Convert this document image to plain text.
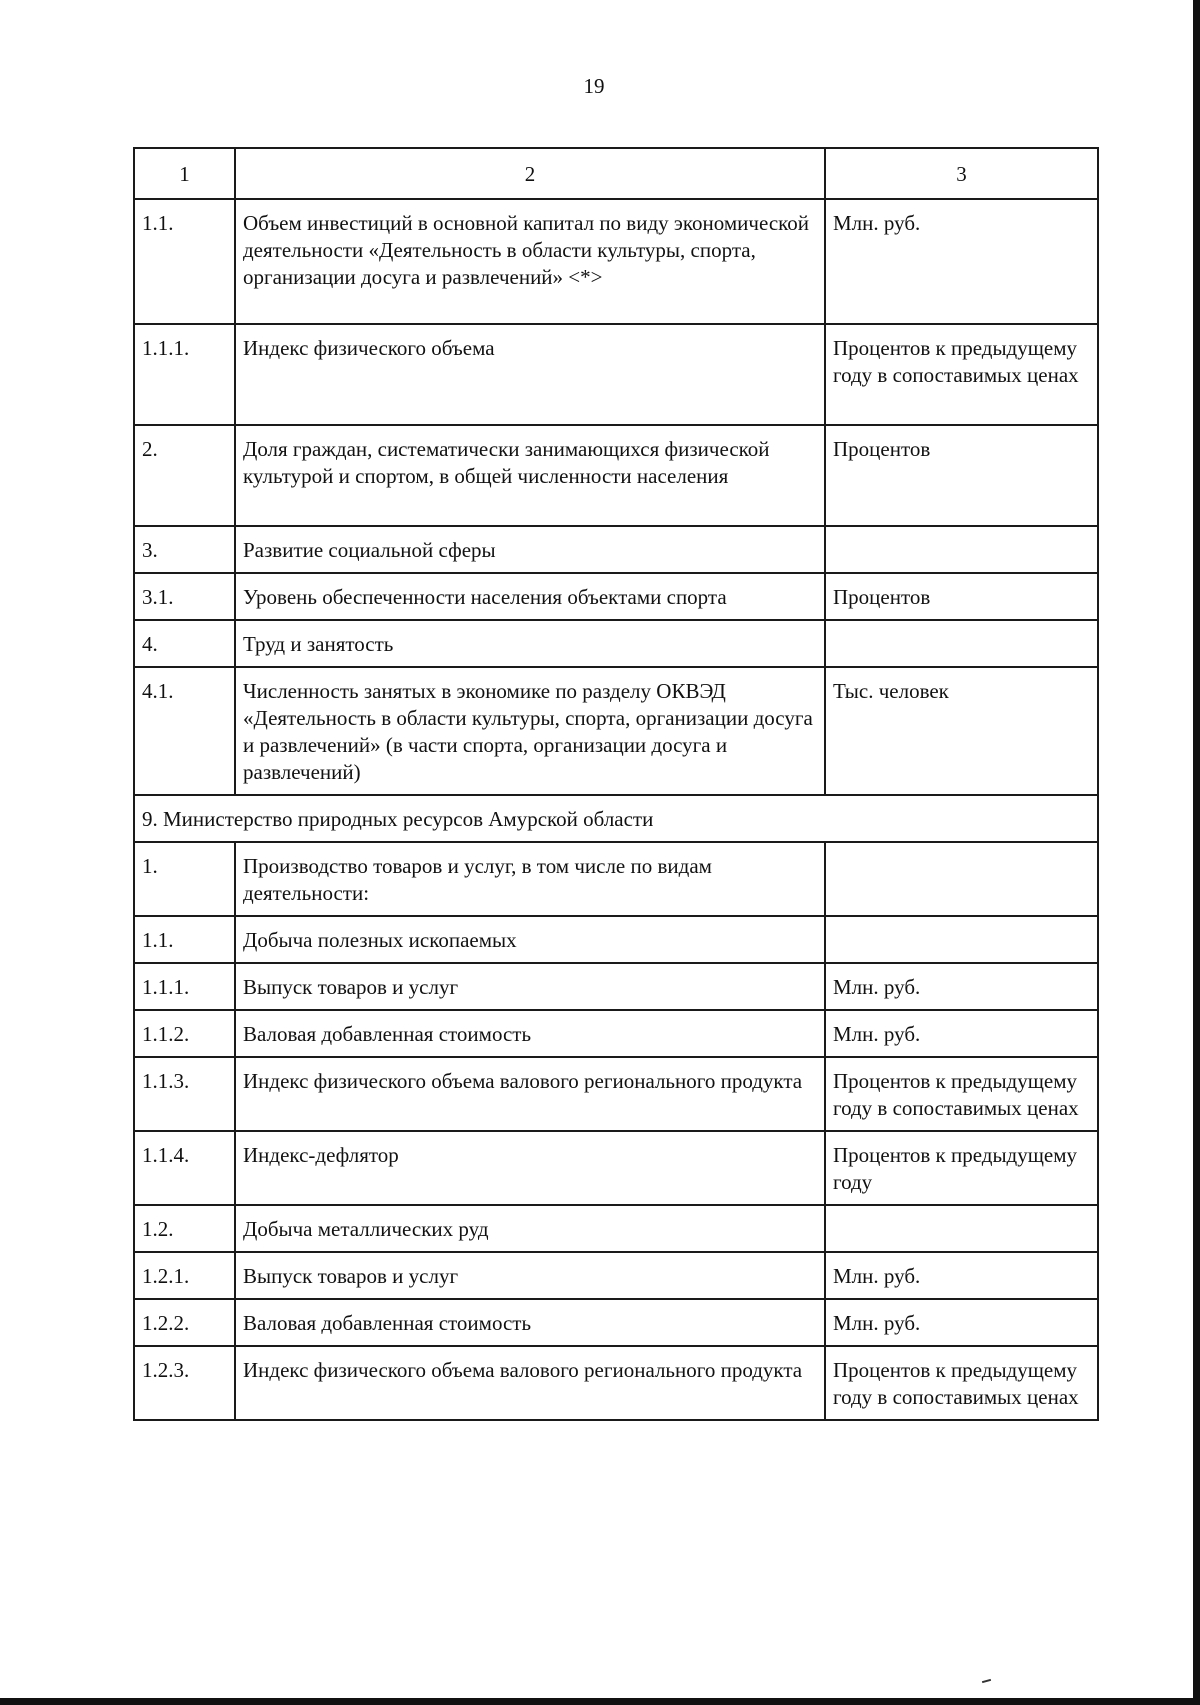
19
1	2	3
1.1.	Объем инвестиций в основной капитал по виду экономической деятельности «Деятельность в области культуры, спорта, организации досуга и развлечений» <*>	Млн. руб.
1.1.1.	Индекс физического объема	Процентов к предыдущему году в сопоставимых ценах
2.	Доля граждан, систематически занимающихся физической культурой и спортом, в общей численности населения	Процентов
3.	Развитие социальной сферы	
3.1.	Уровень обеспеченности населения объектами спорта	Процентов
4.	Труд и занятость	
4.1.	Численность занятых в экономике по разделу ОКВЭД «Деятельность в области культуры, спорта, организации досуга и развлечений» (в части спорта, организации досуга и развлечений)	Тыс. человек
9. Министерство природных ресурсов Амурской области		
1.	Производство товаров и услуг, в том числе по видам деятельности:	
1.1.	Добыча полезных ископаемых	
1.1.1.	Выпуск товаров и услуг	Млн. руб.
1.1.2.	Валовая добавленная стоимость	Млн. руб.
1.1.3.	Индекс физического объема валового регионального продукта	Процентов к предыдущему году в сопоставимых ценах
1.1.4.	Индекс-дефлятор	Процентов к предыдущему году
1.2.	Добыча металлических руд	
1.2.1.	Выпуск товаров и услуг	Млн. руб.
1.2.2.	Валовая добавленная стоимость	Млн. руб.
1.2.3.	Индекс физического объема валового регионального продукта	Процентов к предыдущему году в сопоставимых ценах
